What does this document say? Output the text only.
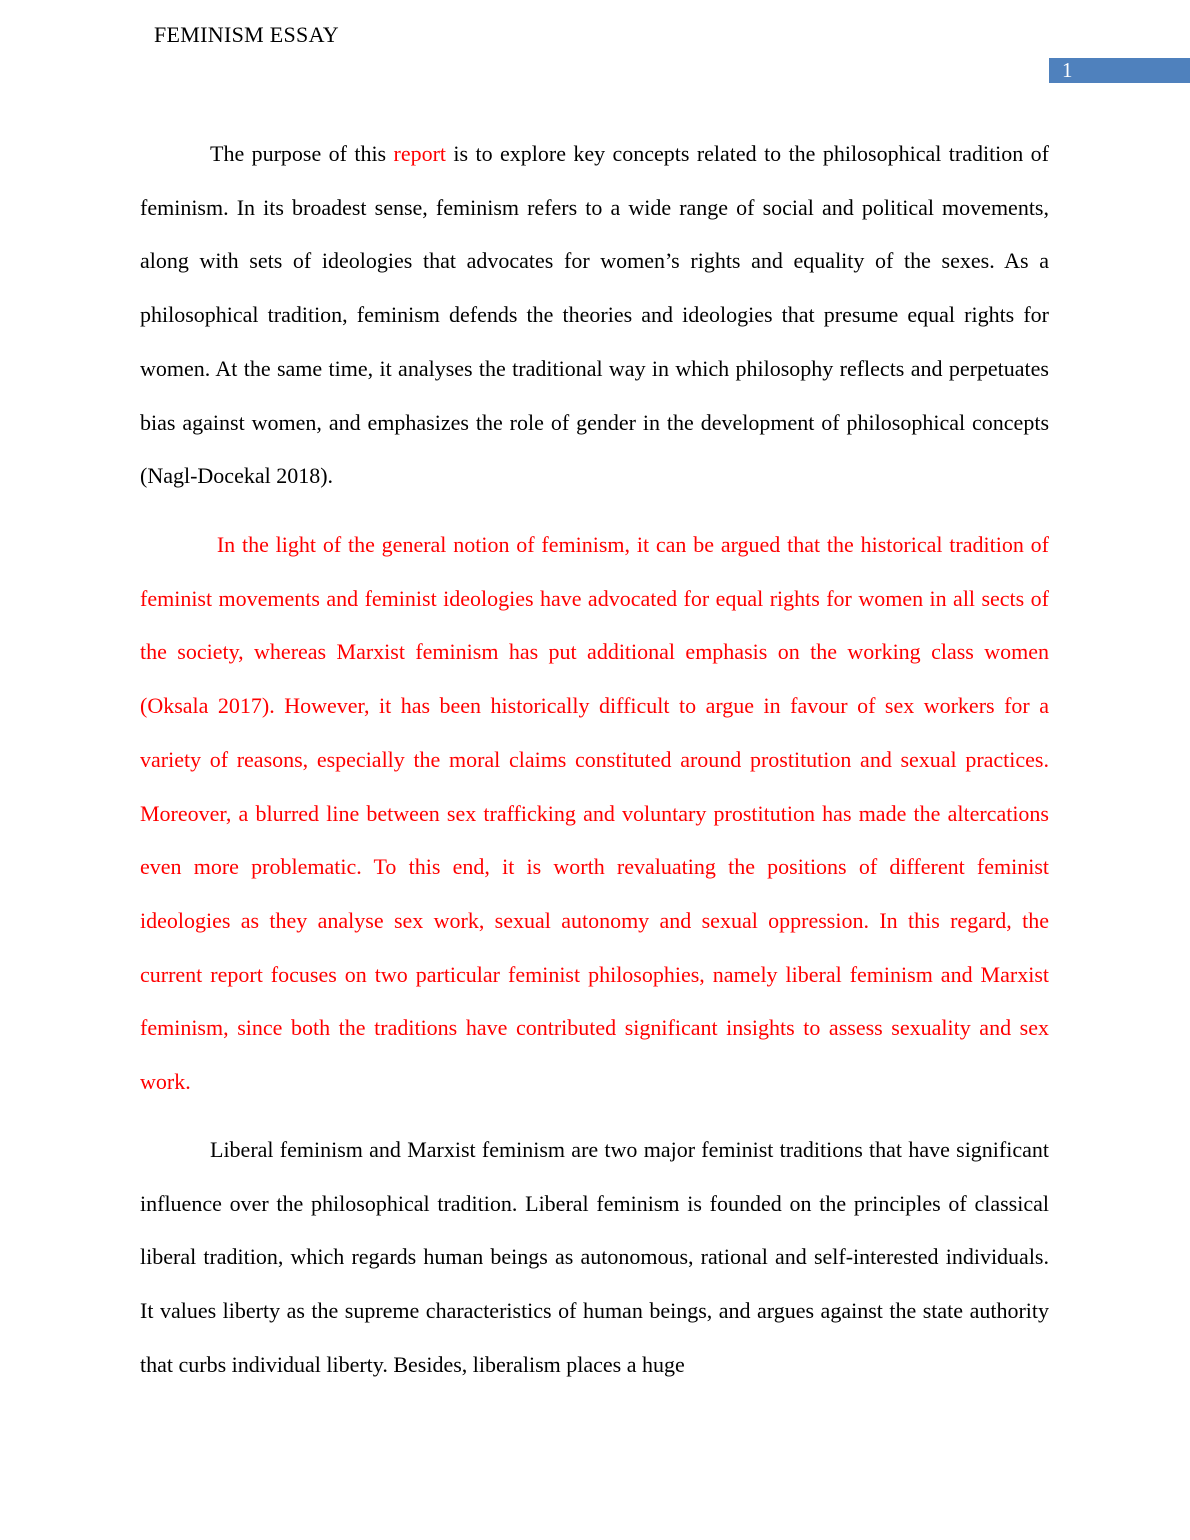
FEMINISM ESSAY
1

The purpose of this report is to explore key concepts related to the philosophical tradition of feminism. In its broadest sense, feminism refers to a wide range of social and political movements, along with sets of ideologies that advocates for women’s rights and equality of the sexes. As a philosophical tradition, feminism defends the theories and ideologies that presume equal rights for women. At the same time, it analyses the traditional way in which philosophy reflects and perpetuates bias against women, and emphasizes the role of gender in the development of philosophical concepts (Nagl-Docekal 2018).

In the light of the general notion of feminism, it can be argued that the historical tradition of feminist movements and feminist ideologies have advocated for equal rights for women in all sects of the society, whereas Marxist feminism has put additional emphasis on the working class women (Oksala 2017). However, it has been historically difficult to argue in favour of sex workers for a variety of reasons, especially the moral claims constituted around prostitution and sexual practices. Moreover, a blurred line between sex trafficking and voluntary prostitution has made the altercations even more problematic. To this end, it is worth revaluating the positions of different feminist ideologies as they analyse sex work, sexual autonomy and sexual oppression. In this regard, the current report focuses on two particular feminist philosophies, namely liberal feminism and Marxist feminism, since both the traditions have contributed significant insights to assess sexuality and sex work.

Liberal feminism and Marxist feminism are two major feminist traditions that have significant influence over the philosophical tradition. Liberal feminism is founded on the principles of classical liberal tradition, which regards human beings as autonomous, rational and self-interested individuals. It values liberty as the supreme characteristics of human beings, and argues against the state authority that curbs individual liberty. Besides, liberalism places a huge
